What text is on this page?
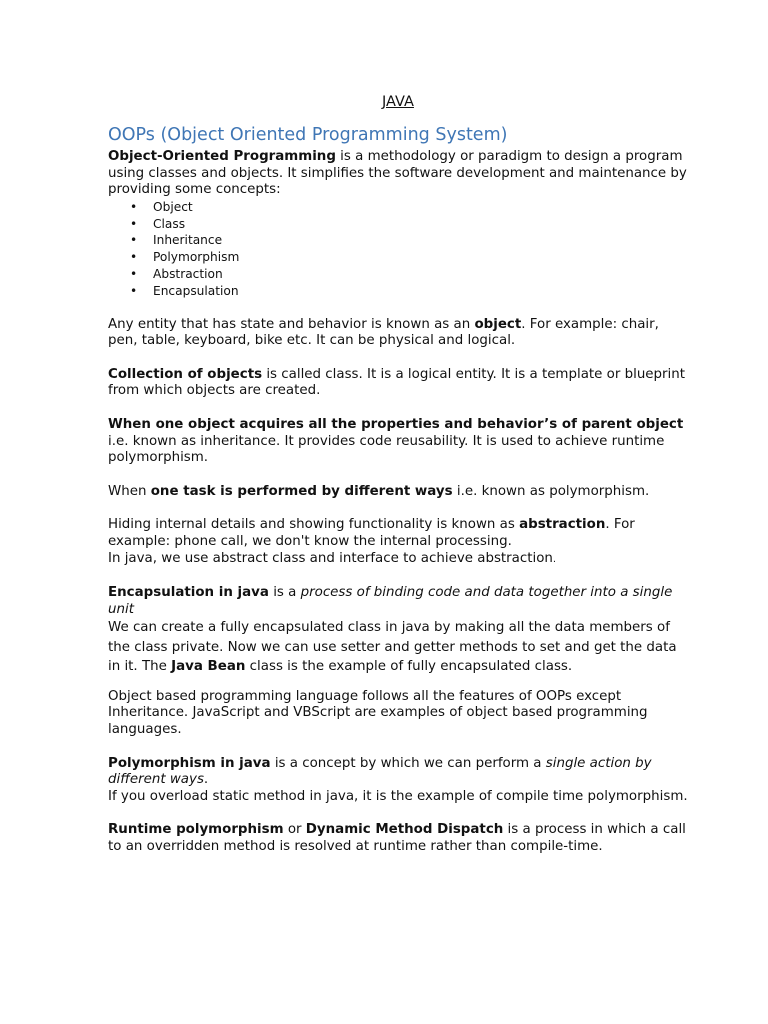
JAVA
OOPs (Object Oriented Programming System)

Object-Oriented Programming is a methodology or paradigm to design a program using classes and objects. It simplifies the software development and maintenance by providing some concepts:

• Object
• Class
• Inheritance
• Polymorphism
• Abstraction
• Encapsulation

Any entity that has state and behavior is known as an object. For example: chair, pen, table, keyboard, bike etc. It can be physical and logical.

Collection of objects is called class. It is a logical entity. It is a template or blueprint from which objects are created.

When one object acquires all the properties and behavior’s of parent object i.e. known as inheritance. It provides code reusability. It is used to achieve runtime polymorphism.

When one task is performed by different ways i.e. known as polymorphism.

Hiding internal details and showing functionality is known as abstraction. For example: phone call, we don't know the internal processing.

In java, we use abstract class and interface to achieve abstraction.

Encapsulation in java is a process of binding code and data together into a single unit

We can create a fully encapsulated class in java by making all the data members of the class private. Now we can use setter and getter methods to set and get the data in it. The Java Bean class is the example of fully encapsulated class.

Object based programming language follows all the features of OOPs except Inheritance. JavaScript and VBScript are examples of object based programming languages.

Polymorphism in java is a concept by which we can perform a single action by different ways.

If you overload static method in java, it is the example of compile time polymorphism.

Runtime polymorphism or Dynamic Method Dispatch is a process in which a call to an overridden method is resolved at runtime rather than compile-time.
